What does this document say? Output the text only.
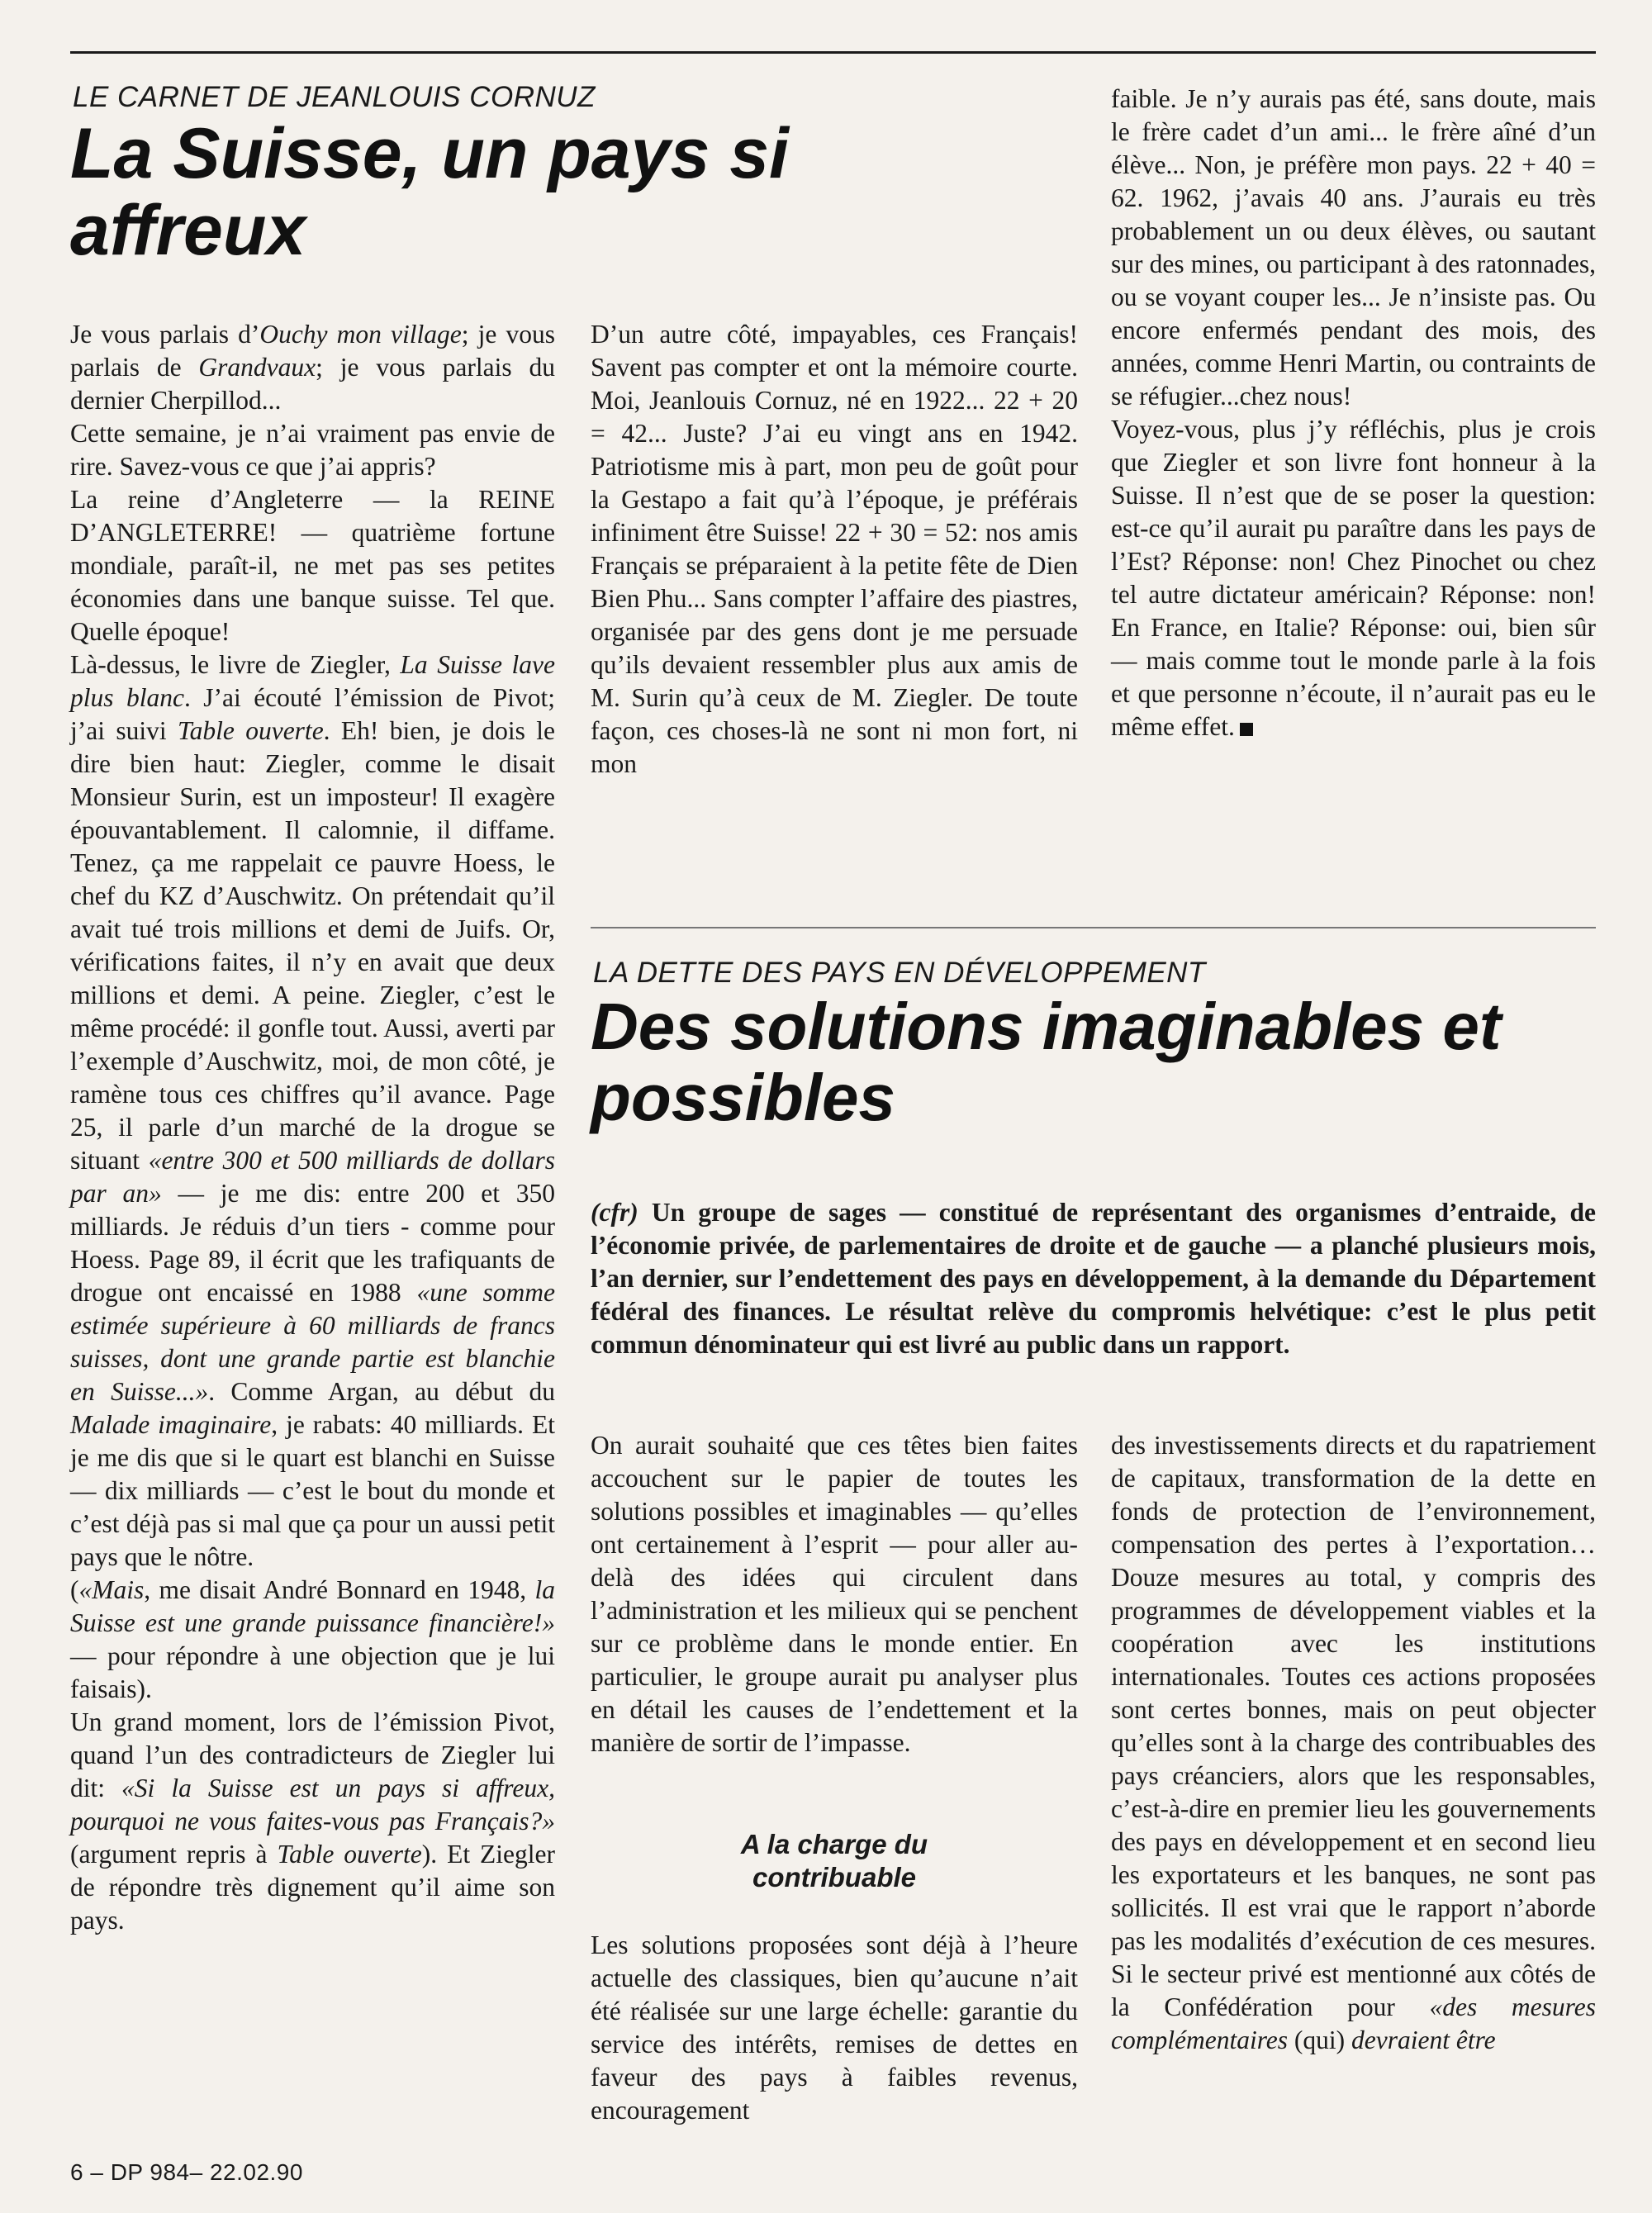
LE CARNET DE JEANLOUIS CORNUZ
La Suisse, un pays si affreux

Je vous parlais d’Ouchy mon village; je vous parlais de Grandvaux; je vous parlais du dernier Cherpillod...

Cette semaine, je n’ai vraiment pas envie de rire. Savez-vous ce que j’ai appris?

La reine d’Angleterre — la REINE D’ANGLETERRE! — quatrième fortune mondiale, paraît-il, ne met pas ses petites économies dans une banque suisse. Tel que. Quelle époque!

Là-dessus, le livre de Ziegler, La Suisse lave plus blanc. J’ai écouté l’émission de Pivot; j’ai suivi Table ouverte. Eh! bien, je dois le dire bien haut: Ziegler, comme le disait Monsieur Surin, est un imposteur! Il exagère épouvantablement. Il calomnie, il diffame. Tenez, ça me rappelait ce pauvre Hoess, le chef du KZ d’Auschwitz. On prétendait qu’il avait tué trois millions et demi de Juifs. Or, vérifications faites, il n’y en avait que deux millions et demi. A peine. Ziegler, c’est le même procédé: il gonfle tout. Aussi, averti par l’exemple d’Auschwitz, moi, de mon côté, je ramène tous ces chiffres qu’il avance. Page 25, il parle d’un marché de la drogue se situant «entre 300 et 500 milliards de dollars par an» — je me dis: entre 200 et 350 milliards. Je réduis d’un tiers - comme pour Hoess. Page 89, il écrit que les trafiquants de drogue ont encaissé en 1988 «une somme estimée supérieure à 60 milliards de francs suisses, dont une grande partie est blanchie en Suisse...». Comme Argan, au début du Malade imaginaire, je rabats: 40 milliards. Et je me dis que si le quart est blanchi en Suisse — dix milliards — c’est le bout du monde et c’est déjà pas si mal que ça pour un aussi petit pays que le nôtre.

(«Mais, me disait André Bonnard en 1948, la Suisse est une grande puissance financière!» — pour répondre à une objection que je lui faisais).

Un grand moment, lors de l’émission Pivot, quand l’un des contradicteurs de Ziegler lui dit: «Si la Suisse est un pays si affreux, pourquoi ne vous faites-vous pas Français?» (argument repris à Table ouverte). Et Ziegler de répondre très dignement qu’il aime son pays.

D’un autre côté, impayables, ces Français! Savent pas compter et ont la mémoire courte. Moi, Jeanlouis Cornuz, né en 1922... 22 + 20 = 42... Juste? J’ai eu vingt ans en 1942. Patriotisme mis à part, mon peu de goût pour la Gestapo a fait qu’à l’époque, je préférais infiniment être Suisse! 22 + 30 = 52: nos amis Français se préparaient à la petite fête de Dien Bien Phu... Sans compter l’affaire des piastres, organisée par des gens dont je me persuade qu’ils devaient ressembler plus aux amis de M. Surin qu’à ceux de M. Ziegler. De toute façon, ces choses-là ne sont ni mon fort, ni mon

faible. Je n’y aurais pas été, sans doute, mais le frère cadet d’un ami... le frère aîné d’un élève... Non, je préfère mon pays. 22 + 40 = 62. 1962, j’avais 40 ans. J’aurais eu très probablement un ou deux élèves, ou sautant sur des mines, ou participant à des ratonnades, ou se voyant couper les... Je n’insiste pas. Ou encore enfermés pendant des mois, des années, comme Henri Martin, ou contraints de se réfugier...chez nous!

Voyez-vous, plus j’y réfléchis, plus je crois que Ziegler et son livre font honneur à la Suisse. Il n’est que de se poser la question: est-ce qu’il aurait pu paraître dans les pays de l’Est? Réponse: non! Chez Pinochet ou chez tel autre dictateur américain? Réponse: non! En France, en Italie? Réponse: oui, bien sûr — mais comme tout le monde parle à la fois et que personne n’écoute, il n’aurait pas eu le même effet.

LA DETTE DES PAYS EN DÉVELOPPEMENT
Des solutions imaginables et possibles
(cfr) Un groupe de sages — constitué de représentant des organismes d’entraide, de l’économie privée, de parlementaires de droite et de gauche — a planché plusieurs mois, l’an dernier, sur l’endettement des pays en développement, à la demande du Département fédéral des finances. Le résultat relève du compromis helvétique: c’est le plus petit commun dénominateur qui est livré au public dans un rapport.

On aurait souhaité que ces têtes bien faites accouchent sur le papier de toutes les solutions possibles et imaginables — qu’elles ont certainement à l’esprit — pour aller au-delà des idées qui circulent dans l’administration et les milieux qui se penchent sur ce problème dans le monde entier. En particulier, le groupe aurait pu analyser plus en détail les causes de l’endettement et la manière de sortir de l’impasse.

A la charge du contribuable

Les solutions proposées sont déjà à l’heure actuelle des classiques, bien qu’aucune n’ait été réalisée sur une large échelle: garantie du service des intérêts, remises de dettes en faveur des pays à faibles revenus, encouragement

des investissements directs et du rapatriement de capitaux, transformation de la dette en fonds de protection de l’environnement, compensation des pertes à l’exportation… Douze mesures au total, y compris des programmes de développement viables et la coopération avec les institutions internationales. Toutes ces actions proposées sont certes bonnes, mais on peut objecter qu’elles sont à la charge des contribuables des pays créanciers, alors que les responsables, c’est-à-dire en premier lieu les gouvernements des pays en développement et en second lieu les exportateurs et les banques, ne sont pas sollicités. Il est vrai que le rapport n’aborde pas les modalités d’exécution de ces mesures. Si le secteur privé est mentionné aux côtés de la Confédération pour «des mesures complémentaires (qui) devraient être

6 – DP 984– 22.02.90
